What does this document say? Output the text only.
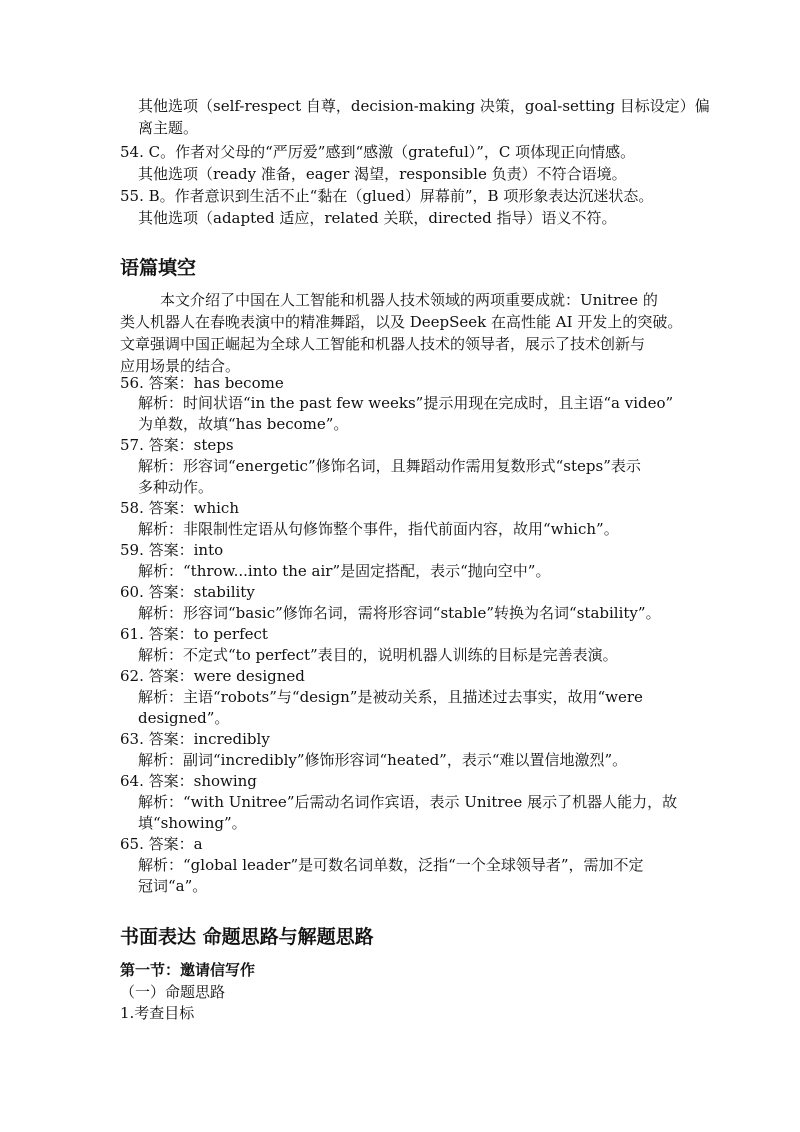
其他选项（self-respect 自尊，decision-making 决策，goal-setting 目标设定）偏
离主题。
54. C。作者对父母的“严厉爱”感到“感激（grateful）”，C 项体现正向情感。
其他选项（ready 准备，eager 渴望，responsible 负责）不符合语境。
55. B。作者意识到生活不止“黏在（glued）屏幕前”，B 项形象表达沉迷状态。
其他选项（adapted 适应，related 关联，directed 指导）语义不符。
语篇填空
本文介绍了中国在人工智能和机器人技术领域的两项重要成就：Unitree 的
类人机器人在春晚表演中的精准舞蹈，以及 DeepSeek 在高性能 AI 开发上的突破。
文章强调中国正崛起为全球人工智能和机器人技术的领导者，展示了技术创新与
应用场景的结合。
56. 答案：has become
解析：时间状语“in the past few weeks”提示用现在完成时，且主语“a video”
为单数，故填“has become”。
57. 答案：steps
解析：形容词“energetic”修饰名词，且舞蹈动作需用复数形式“steps”表示
多种动作。
58. 答案：which
解析：非限制性定语从句修饰整个事件，指代前面内容，故用“which”。
59. 答案：into
解析：“throw...into the air”是固定搭配，表示“抛向空中”。
60. 答案：stability
解析：形容词“basic”修饰名词，需将形容词“stable”转换为名词“stability”。
61. 答案：to perfect
解析：不定式“to perfect”表目的，说明机器人训练的目标是完善表演。
62. 答案：were designed
解析：主语“robots”与“design”是被动关系，且描述过去事实，故用“were
designed”。
63. 答案：incredibly
解析：副词“incredibly”修饰形容词“heated”，表示“难以置信地激烈”。
64. 答案：showing
解析：“with Unitree”后需动名词作宾语，表示 Unitree 展示了机器人能力，故
填“showing”。
65. 答案：a
解析：“global leader”是可数名词单数，泛指“一个全球领导者”，需加不定
冠词“a”。
书面表达 命题思路与解题思路
第一节：邀请信写作
（一）命题思路
1.考查目标
